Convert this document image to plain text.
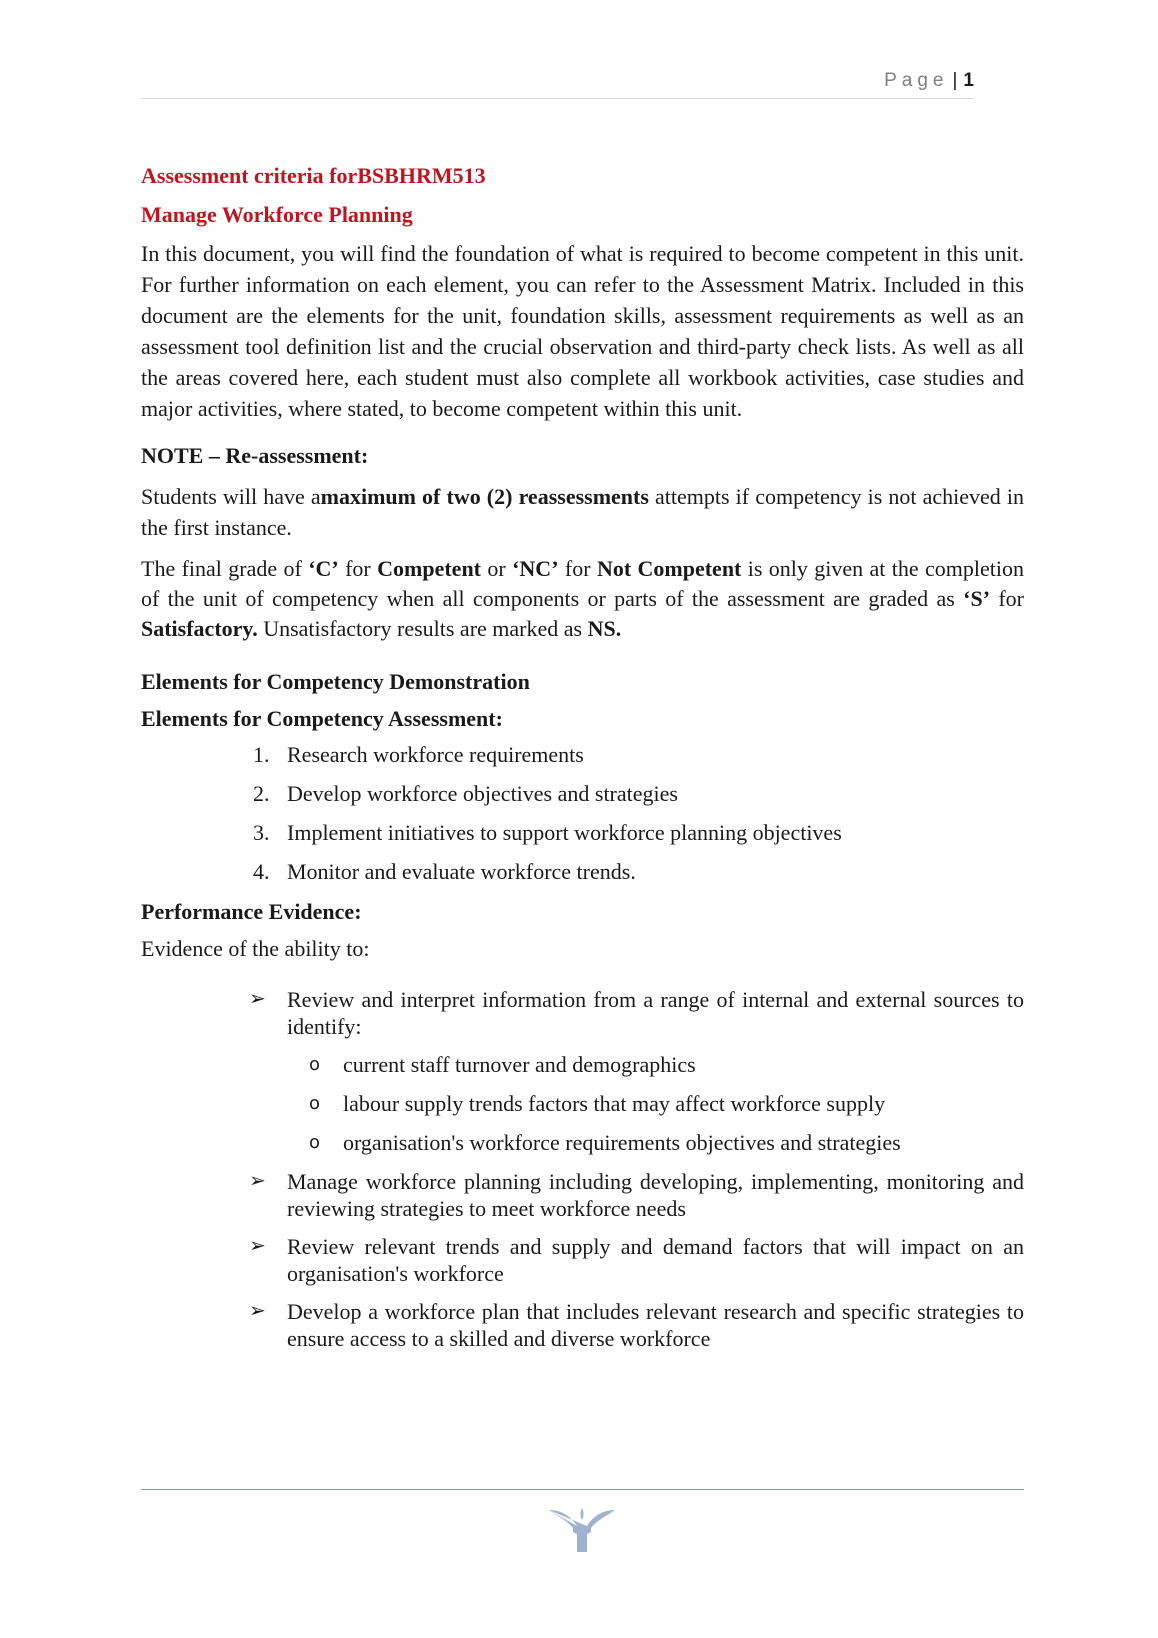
Page | 1

Assessment criteria forBSBHRM513

Manage Workforce Planning

In this document, you will find the foundation of what is required to become competent in this unit. For further information on each element, you can refer to the Assessment Matrix. Included in this document are the elements for the unit, foundation skills, assessment requirements as well as an assessment tool definition list and the crucial observation and third-party check lists. As well as all the areas covered here, each student must also complete all workbook activities, case studies and major activities, where stated, to become competent within this unit.

NOTE – Re-assessment:

Students will have amaximum of two (2) reassessments attempts if competency is not achieved in the first instance.

The final grade of ‘C’ for Competent or ‘NC’ for Not Competent is only given at the completion of the unit of competency when all components or parts of the assessment are graded as ‘S’ for Satisfactory. Unsatisfactory results are marked as NS.

Elements for Competency Demonstration

Elements for Competency Assessment:

1. Research workforce requirements
2. Develop workforce objectives and strategies
3. Implement initiatives to support workforce planning objectives
4. Monitor and evaluate workforce trends.

Performance Evidence:

Evidence of the ability to:

➢ Review and interpret information from a range of internal and external sources to identify:
o current staff turnover and demographics
o labour supply trends factors that may affect workforce supply
o organisation's workforce requirements objectives and strategies
➢ Manage workforce planning including developing, implementing, monitoring and reviewing strategies to meet workforce needs
➢ Review relevant trends and supply and demand factors that will impact on an organisation's workforce
➢ Develop a workforce plan that includes relevant research and specific strategies to ensure access to a skilled and diverse workforce
